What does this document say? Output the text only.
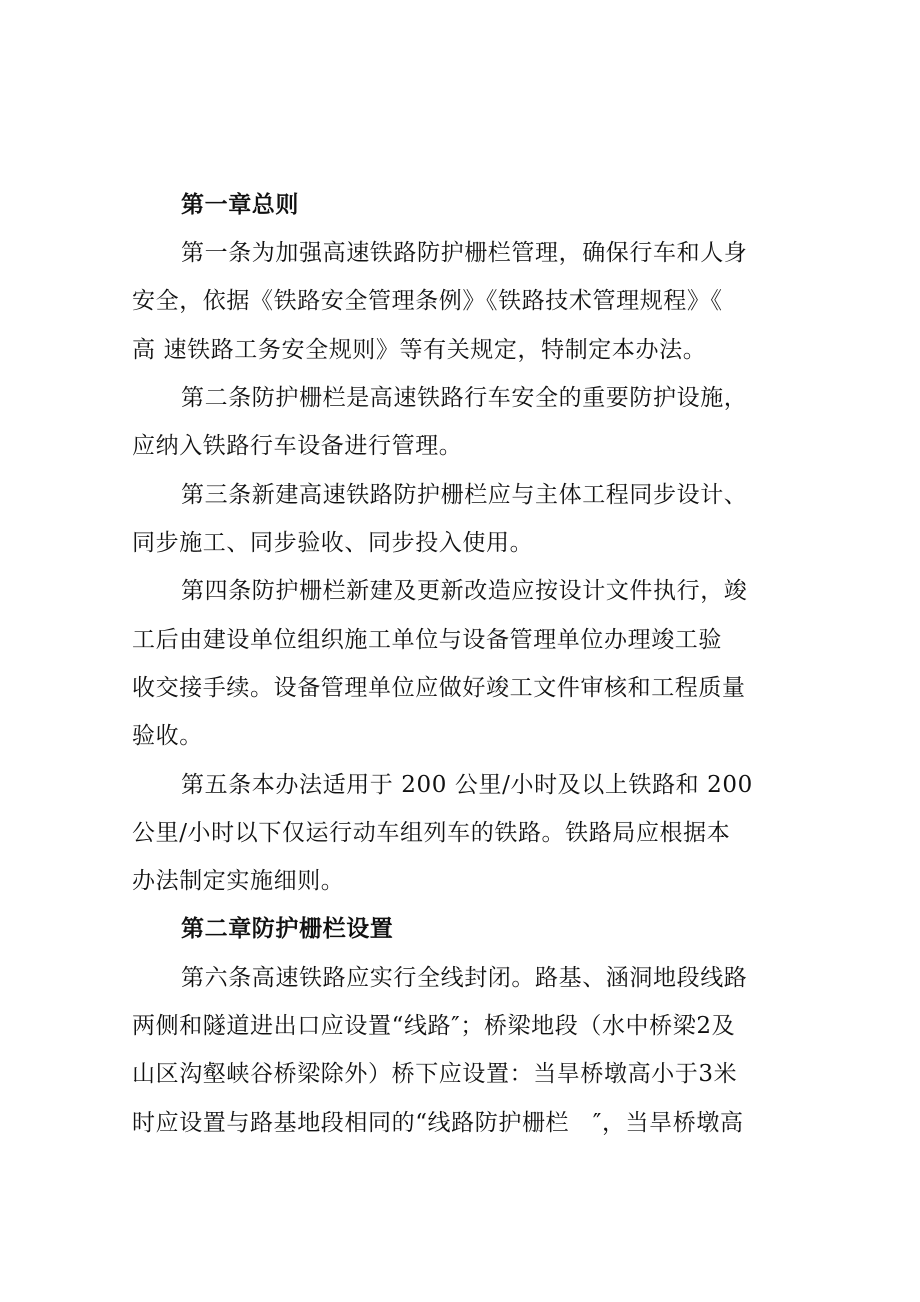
第一章总则
第一条为加强高速铁路防护栅栏管理，确保行车和人身
安全，依据《铁路安全管理条例》《铁路技术管理规程》《
高 速铁路工务安全规则》等有关规定，特制定本办法。
第二条防护栅栏是高速铁路行车安全的重要防护设施，
应纳入铁路行车设备进行管理。
第三条新建高速铁路防护栅栏应与主体工程同步设计、
同步施工、同步验收、同步投入使用。
第四条防护栅栏新建及更新改造应按设计文件执行，竣
工后由建设单位组织施工单位与设备管理单位办理竣工验
收交接手续。设备管理单位应做好竣工文件审核和工程质量
验收。
第五条本办法适用于 200 公里/小时及以上铁路和 200
公里/小时以下仅运行动车组列车的铁路。铁路局应根据本
办法制定实施细则。
第二章防护栅栏设置
第六条高速铁路应实行全线封闭。路基、涵洞地段线路
两侧和隧道进出口应设置“线路″；桥梁地段（水中桥梁2及
山区沟壑峡谷桥梁除外）桥下应设置：当旱桥墩高小于3米
时应设置与路基地段相同的“线路防护栅栏　″，当旱桥墩高
